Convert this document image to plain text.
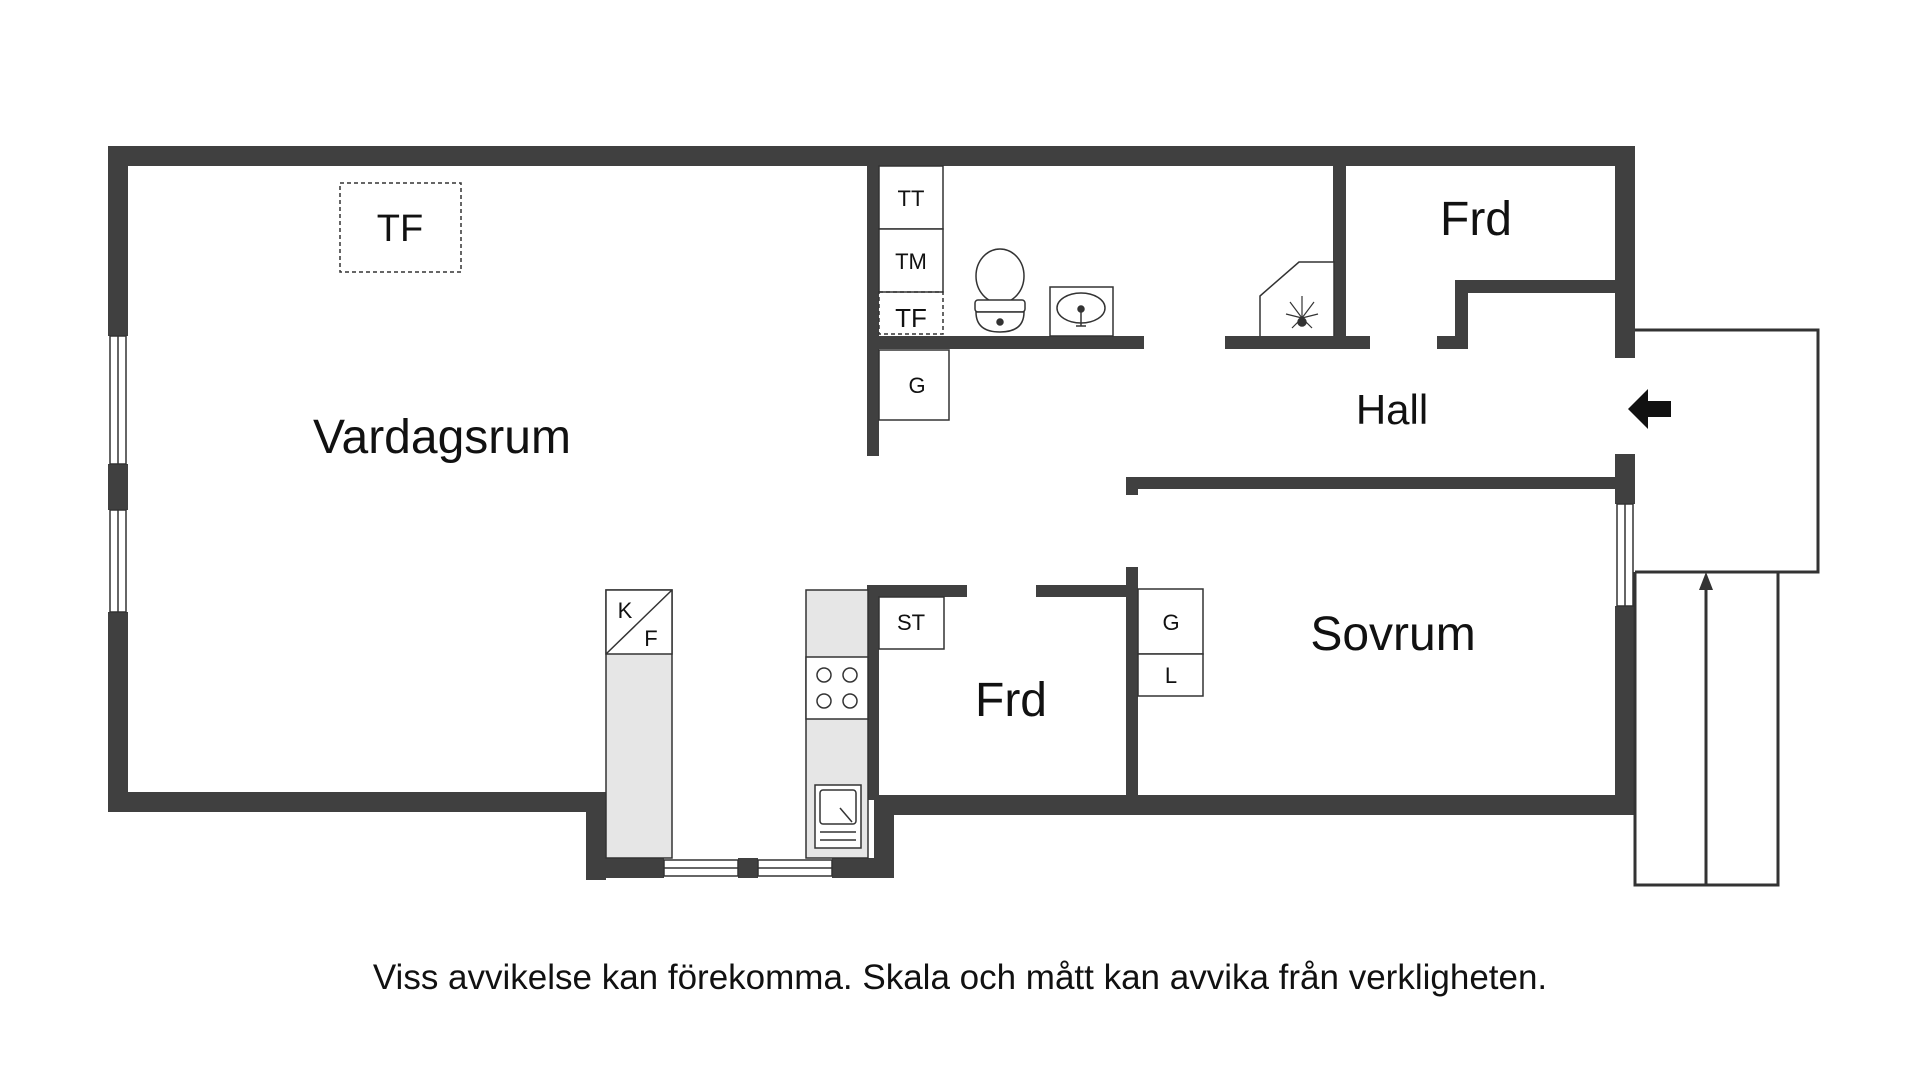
TF
TT
TM
TF
G
K
F
ST	G
L
Vardagsrum
Hall
Sovrum
Frd
Frd
Viss avvikelse kan förekomma. Skala och mått kan avvika från verkligheten.
